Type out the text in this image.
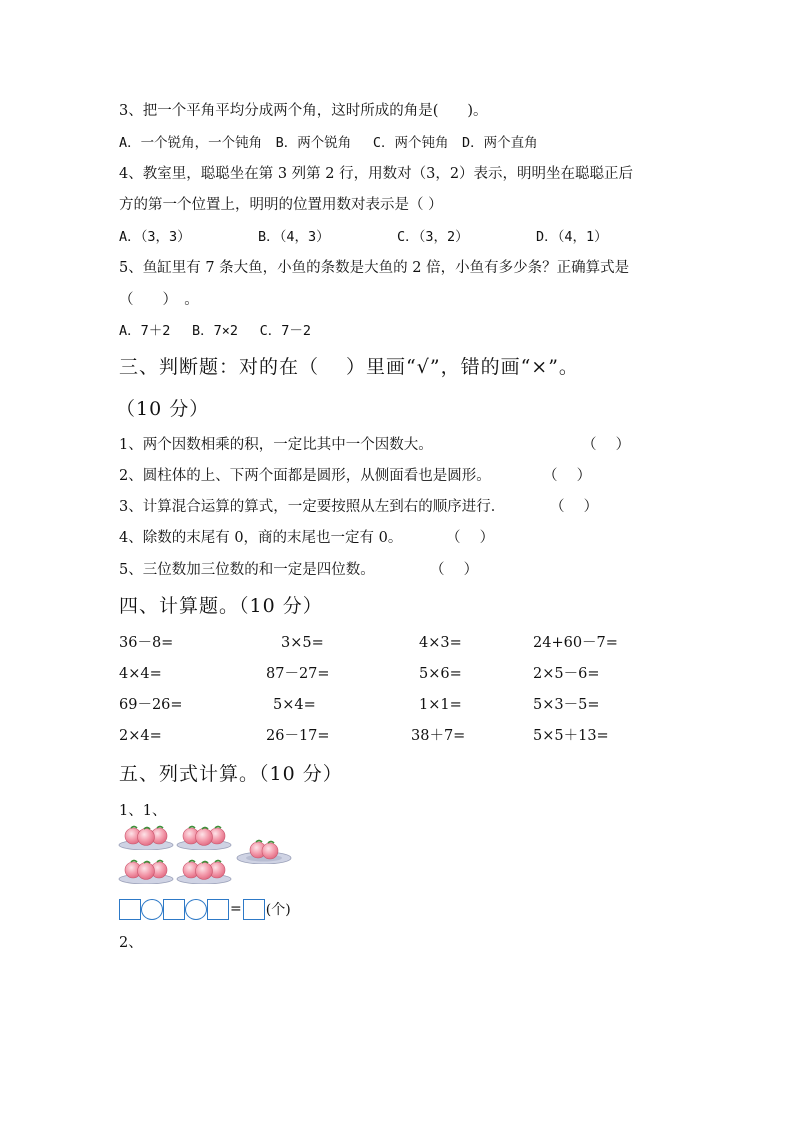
3、把一个平角平均分成两个角，这时所成的角是(　　)。
A．一个锐角，一个钝角　B．两个锐角　 C．两个钝角　D．两个直角
4、教室里，聪聪坐在第 3 列第 2 行，用数对（3，2）表示，明明坐在聪聪正后
方的第一个位置上，明明的位置用数对表示是（ ）
A．（3，3）	B．（4，3）	C．（3，2）	D．（4，1）
5、鱼缸里有 7 条大鱼，小鱼的条数是大鱼的 2 倍，小鱼有多少条？正确算式是
（　　）　。
A．7＋2　 B．7×2　 C．7－2
三、判断题：对的在（　 ）里画“√”，错的画“×”。
（10 分）
1、两个因数相乘的积，一定比其中一个因数大。	（　 ）
2、圆柱体的上、下两个面都是圆形，从侧面看也是圆形。	（　 ）
3、计算混合运算的算式，一定要按照从左到右的顺序进行．	（　 ）
4、除数的末尾有 0，商的末尾也一定有 0。	（　 ）
5、三位数加三位数的和一定是四位数。	（　 ）
四、计算题。（10 分）
36－8=	3×5=	4×3=	24+60－7=
4×4=	87－27=	5×6=	2×5－6=
69－26=	5×4=	1×1=	5×3－5=
2×4=	26－17=	38＋7=	5×5＋13=
五、列式计算。（10 分）
1、1、
= (个)
2、
